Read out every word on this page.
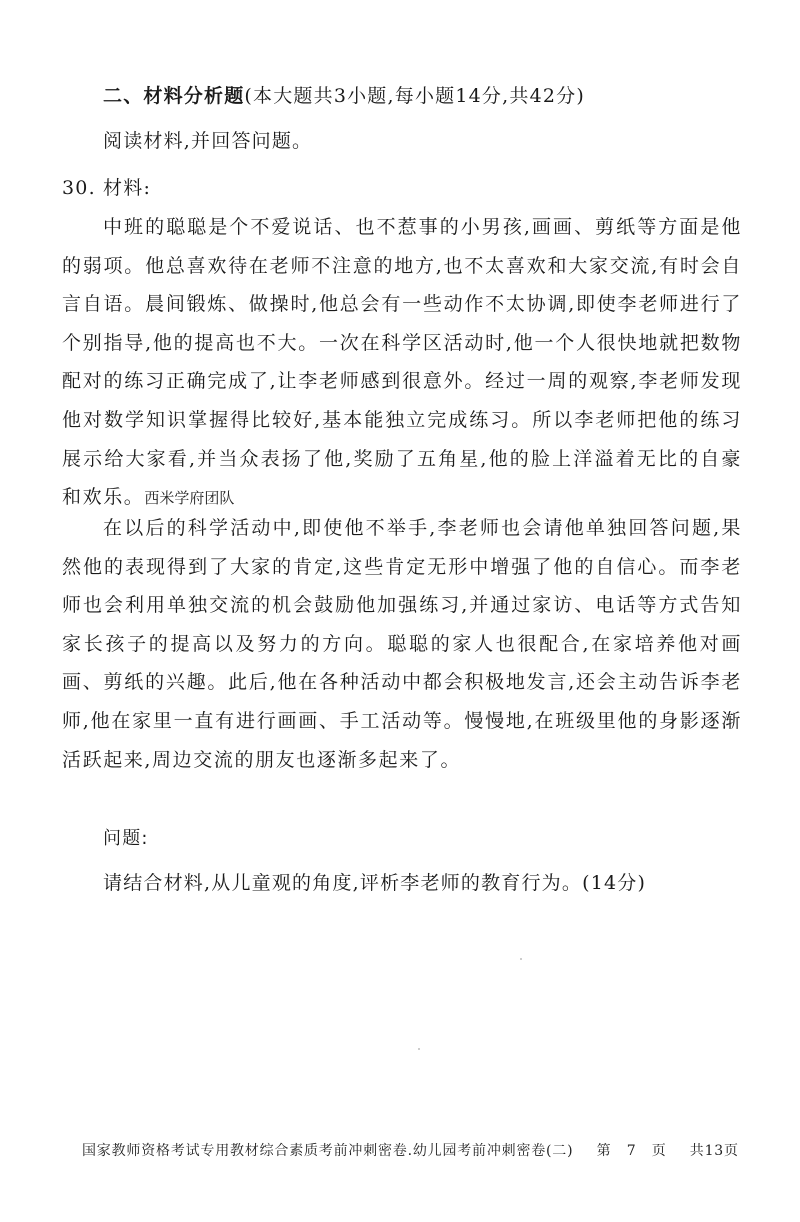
二、材料分析题(本大题共3小题,每小题14分,共42分)
阅读材料,并回答问题。
30. 材料:

中班的聪聪是个不爱说话、也不惹事的小男孩,画画、剪纸等方面是他的弱项。他总喜欢待在老师不注意的地方,也不太喜欢和大家交流,有时会自言自语。晨间锻炼、做操时,他总会有一些动作不太协调,即使李老师进行了个别指导,他的提高也不大。一次在科学区活动时,他一个人很快地就把数物配对的练习正确完成了,让李老师感到很意外。经过一周的观察,李老师发现他对数学知识掌握得比较好,基本能独立完成练习。所以李老师把他的练习展示给大家看,并当众表扬了他,奖励了五角星,他的脸上洋溢着无比的自豪和欢乐。西米学府团队

在以后的科学活动中,即使他不举手,李老师也会请他单独回答问题,果然他的表现得到了大家的肯定,这些肯定无形中增强了他的自信心。而李老师也会利用单独交流的机会鼓励他加强练习,并通过家访、电话等方式告知家长孩子的提高以及努力的方向。聪聪的家人也很配合,在家培养他对画画、剪纸的兴趣。此后,他在各种活动中都会积极地发言,还会主动告诉李老师,他在家里一直有进行画画、手工活动等。慢慢地,在班级里他的身影逐渐活跃起来,周边交流的朋友也逐渐多起来了。

问题:
请结合材料,从儿童观的角度,评析李老师的教育行为。(14分)
国家教师资格考试专用教材综合素质考前冲刺密卷.幼儿园考前冲刺密卷(二) 第 7 页 共13页
